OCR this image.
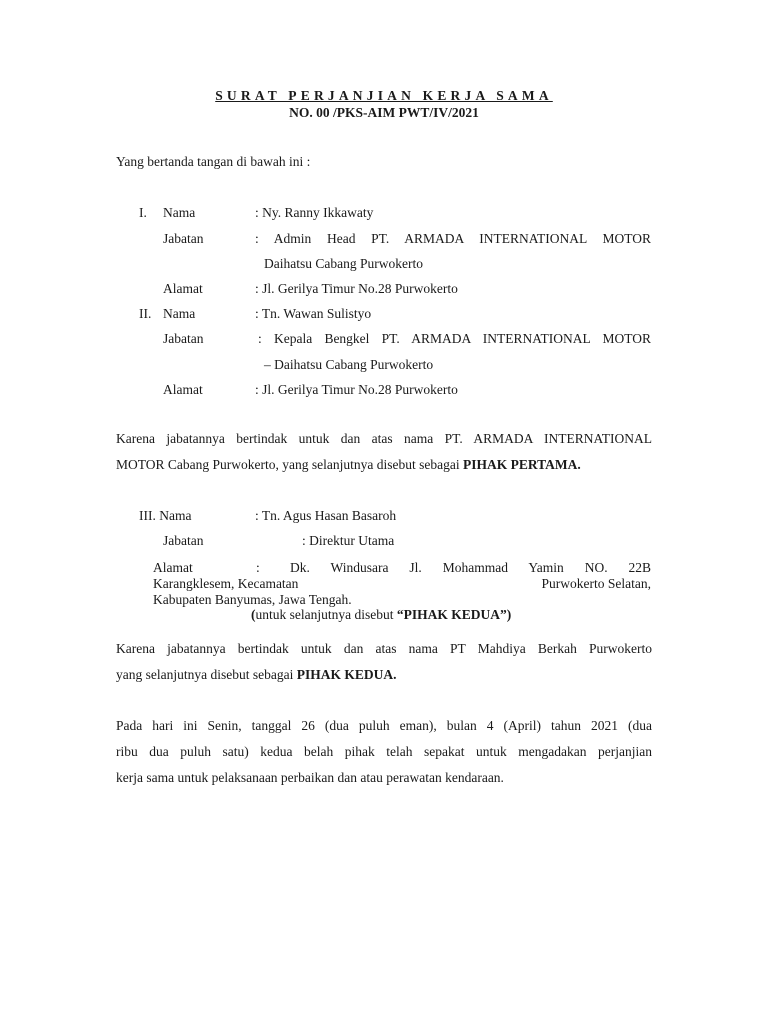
SURAT PERJANJIAN KERJA SAMA
NO. 00 /PKS-AIM PWT/IV/2021
Yang bertanda tangan di bawah ini :
I. Nama	: Ny. Ranny Ikkawaty
Jabatan	: Admin Head PT. ARMADA INTERNATIONAL MOTOR
Daihatsu Cabang Purwokerto
Alamat	: Jl. Gerilya Timur No.28 Purwokerto
II. Nama	: Tn. Wawan Sulistyo
Jabatan	: Kepala Bengkel PT. ARMADA INTERNATIONAL MOTOR
– Daihatsu Cabang Purwokerto
Alamat	: Jl. Gerilya Timur No.28 Purwokerto
Karena jabatannya bertindak untuk dan atas nama PT. ARMADA INTERNATIONAL
MOTOR Cabang Purwokerto, yang selanjutnya disebut sebagai PIHAK PERTAMA.
III. Nama	: Tn. Agus Hasan Basaroh
Jabatan	: Direktur Utama
Alamat	: Dk. Windusara Jl. Mohammad Yamin NO. 22B
Karangklesem, Kecamatan	Purwokerto Selatan,
Kabupaten Banyumas, Jawa Tengah.
(untuk selanjutnya disebut “PIHAK KEDUA”)
Karena jabatannya bertindak untuk dan atas nama PT Mahdiya Berkah Purwokerto
yang selanjutnya disebut sebagai PIHAK KEDUA.
Pada hari ini Senin, tanggal 26 (dua puluh eman), bulan 4 (April) tahun 2021 (dua
ribu dua puluh satu) kedua belah pihak telah sepakat untuk mengadakan perjanjian
kerja sama untuk pelaksanaan perbaikan dan atau perawatan kendaraan.
